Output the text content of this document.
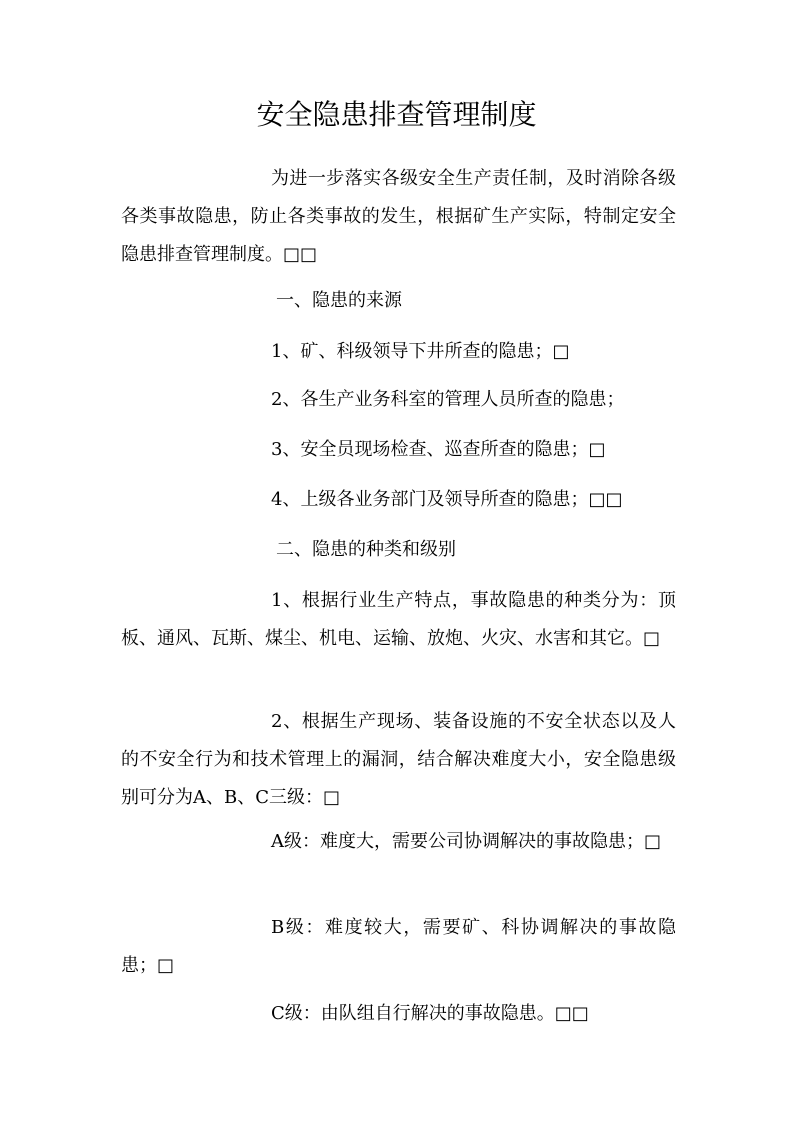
安全隐患排查管理制度

为进一步落实各级安全生产责任制，及时消除各级各类事故隐患，防止各类事故的发生，根据矿生产实际，特制定安全隐患排查管理制度。□□

一、隐患的来源

1、矿、科级领导下井所查的隐患；□

2、各生产业务科室的管理人员所查的隐患；

3、安全员现场检查、巡查所查的隐患；□

4、上级各业务部门及领导所查的隐患；□□

二、隐患的种类和级别

1、根据行业生产特点，事故隐患的种类分为：顶板、通风、瓦斯、煤尘、机电、运输、放炮、火灾、水害和其它。□

2、根据生产现场、装备设施的不安全状态以及人的不安全行为和技术管理上的漏洞，结合解决难度大小，安全隐患级别可分为A、B、C三级：□

A级：难度大，需要公司协调解决的事故隐患；□

B级：难度较大，需要矿、科协调解决的事故隐患；□

C级：由队组自行解决的事故隐患。□□
